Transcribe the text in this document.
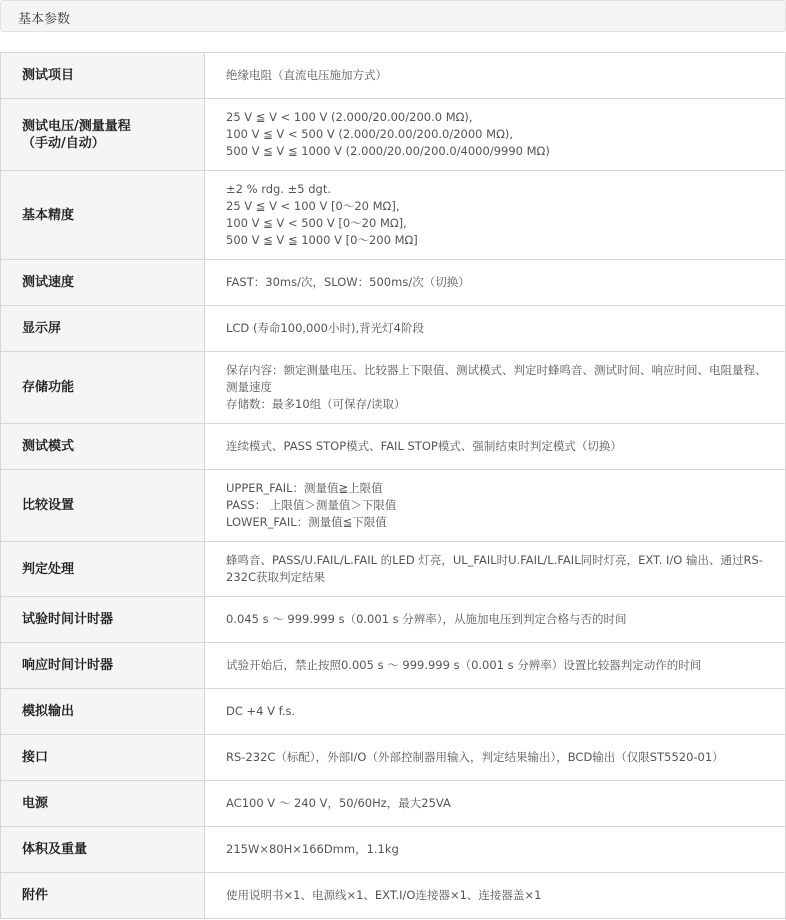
基本参数
测试项目	绝缘电阻（直流电压施加方式）

测试电压/测量量程
（手动/自动）	25 V ≦ V < 100 V (2.000/20.00/200.0 MΩ),
100 V ≦ V < 500 V (2.000/20.00/200.0/2000 MΩ),
500 V ≦ V ≦ 1000 V (2.000/20.00/200.0/4000/9990 MΩ)

基本精度	±2 % rdg. ±5 dgt.
25 V ≦ V < 100 V [0～20 MΩ],
100 V ≦ V < 500 V [0～20 MΩ],
500 V ≦ V ≦ 1000 V [0～200 MΩ]

测试速度	FAST：30ms/次，SLOW：500ms/次（切换）

显示屏	LCD (寿命100,000小时),背光灯4阶段

存储功能	保存内容：额定测量电压、比较器上下限值、测试模式、判定时蜂鸣音、测试时间、响应时间、电阻量程、测量速度
存储数：最多10组（可保存/读取）

测试模式	连续模式、PASS STOP模式、FAIL STOP模式、强制结束时判定模式（切换）

比较设置	UPPER_FAIL：测量值≧上限值
PASS： 上限值＞测量值＞下限值
LOWER_FAIL：测量值≦下限值

判定处理	蜂鸣音、PASS/U.FAIL/L.FAIL 的LED 灯亮，UL_FAIL时U.FAIL/L.FAIL同时灯亮，EXT. I/O 输出、通过RS-232C获取判定结果

试验时间计时器	0.045 s ～ 999.999 s（0.001 s 分辨率），从施加电压到判定合格与否的时间

响应时间计时器	试验开始后，禁止按照0.005 s ～ 999.999 s（0.001 s 分辨率）设置比较器判定动作的时间

模拟输出	DC +4 V f.s.

接口	RS-232C（标配），外部I/O（外部控制器用输入，判定结果输出），BCD输出（仅限ST5520-01）

电源	AC100 V ～ 240 V，50/60Hz，最大25VA

体积及重量	215W×80H×166Dmm，1.1kg

附件	使用说明书×1、电源线×1、EXT.I/O连接器×1、连接器盖×1
